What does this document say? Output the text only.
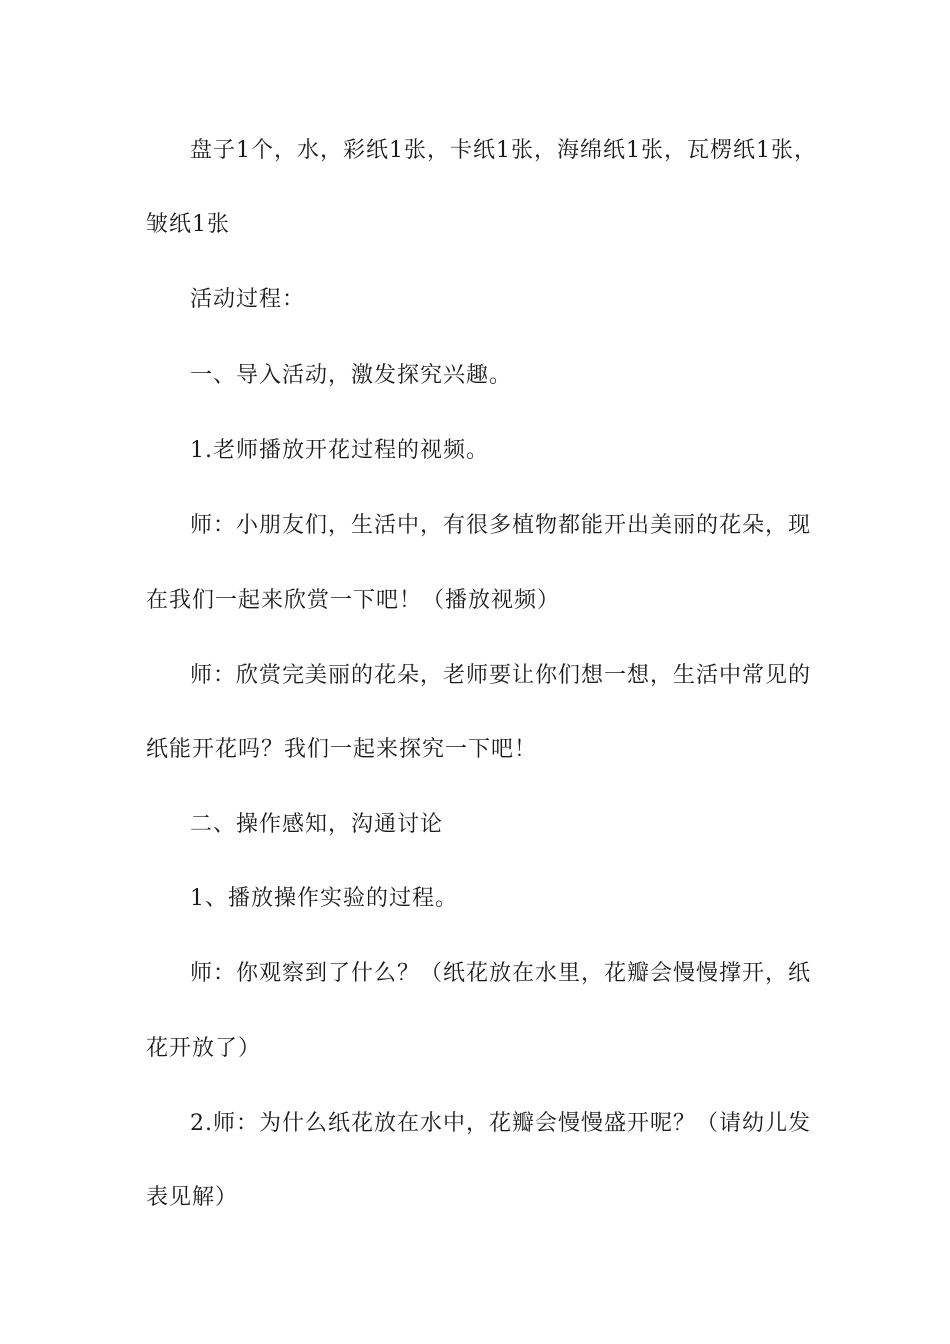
盘子1个，水，彩纸1张，卡纸1张，海绵纸1张，瓦楞纸1张，
皱纸1张
活动过程：
一、导入活动，激发探究兴趣。
1.老师播放开花过程的视频。
师：小朋友们，生活中，有很多植物都能开出美丽的花朵，现
在我们一起来欣赏一下吧！（播放视频）
师：欣赏完美丽的花朵，老师要让你们想一想，生活中常见的
纸能开花吗？我们一起来探究一下吧！
二、操作感知，沟通讨论
1、播放操作实验的过程。
师：你观察到了什么？（纸花放在水里，花瓣会慢慢撑开，纸
花开放了）
2.师：为什么纸花放在水中，花瓣会慢慢盛开呢？（请幼儿发
表见解）
